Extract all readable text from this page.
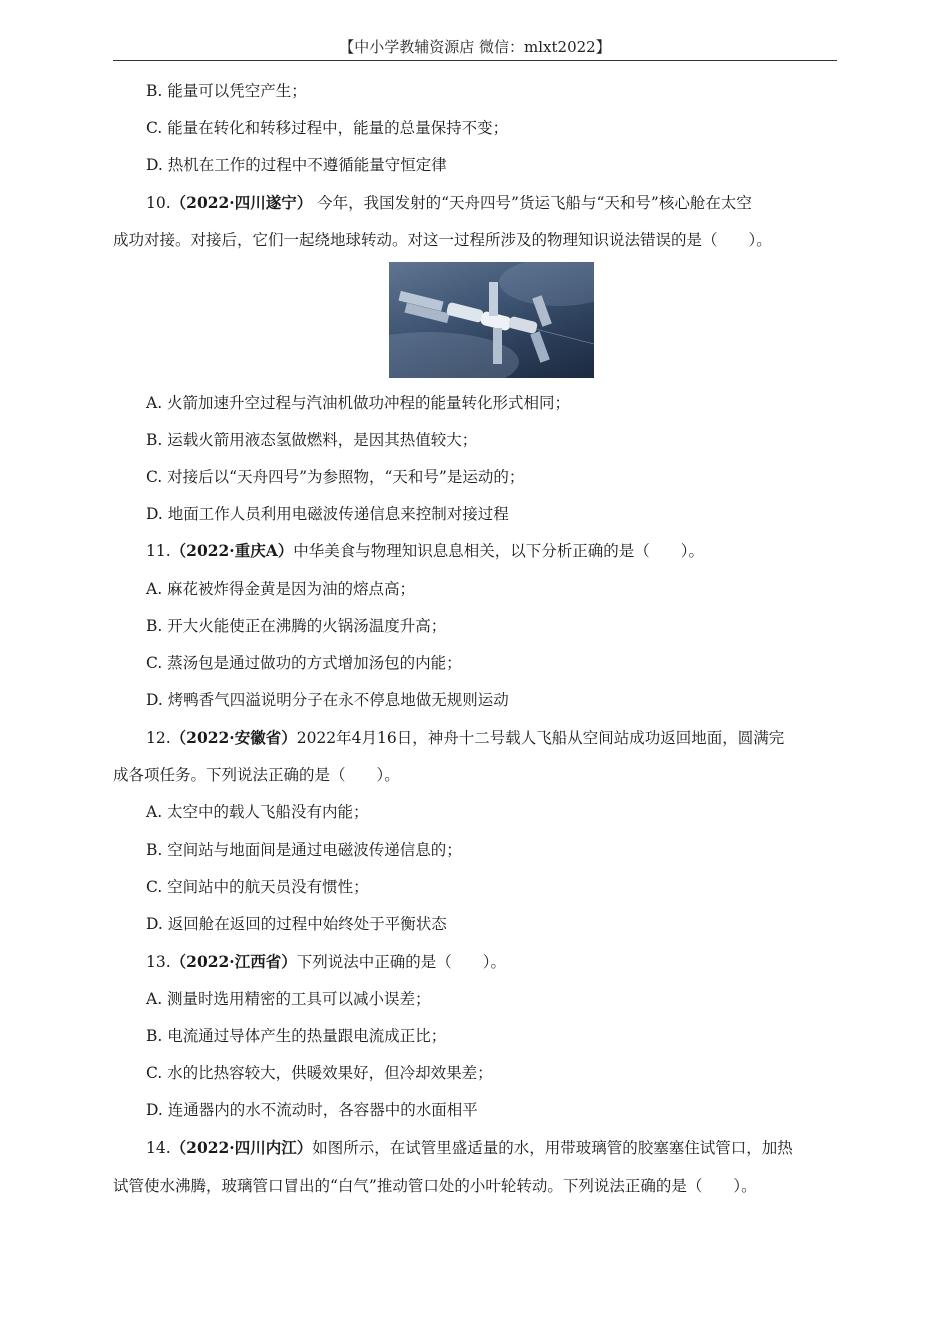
【中小学教辅资源店 微信：mlxt2022】
B. 能量可以凭空产生；
C. 能量在转化和转移过程中，能量的总量保持不变；
D. 热机在工作的过程中不遵循能量守恒定律
10.（2022·四川遂宁） 今年，我国发射的“天舟四号”货运飞船与“天和号”核心舱在太空
成功对接。对接后，它们一起绕地球转动。对这一过程所涉及的物理知识说法错误的是（　　）。
A. 火箭加速升空过程与汽油机做功冲程的能量转化形式相同；
B. 运载火箭用液态氢做燃料，是因其热值较大；
C. 对接后以“天舟四号”为参照物，“天和号”是运动的；
D. 地面工作人员利用电磁波传递信息来控制对接过程
11.（2022·重庆A）中华美食与物理知识息息相关，以下分析正确的是（　　）。
A. 麻花被炸得金黄是因为油的熔点高；
B. 开大火能使正在沸腾的火锅汤温度升高；
C. 蒸汤包是通过做功的方式增加汤包的内能；
D. 烤鸭香气四溢说明分子在永不停息地做无规则运动
12.（2022·安徽省）2022年4月16日，神舟十二号载人飞船从空间站成功返回地面，圆满完
成各项任务。下列说法正确的是（　　）。
A. 太空中的载人飞船没有内能；
B. 空间站与地面间是通过电磁波传递信息的；
C. 空间站中的航天员没有惯性；
D. 返回舱在返回的过程中始终处于平衡状态
13.（2022·江西省）下列说法中正确的是（　　）。
A. 测量时选用精密的工具可以减小误差；
B. 电流通过导体产生的热量跟电流成正比；
C. 水的比热容较大，供暖效果好，但冷却效果差；
D. 连通器内的水不流动时，各容器中的水面相平
14.（2022·四川内江）如图所示，在试管里盛适量的水，用带玻璃管的胶塞塞住试管口，加热
试管使水沸腾，玻璃管口冒出的“白气”推动管口处的小叶轮转动。下列说法正确的是（　　）。
